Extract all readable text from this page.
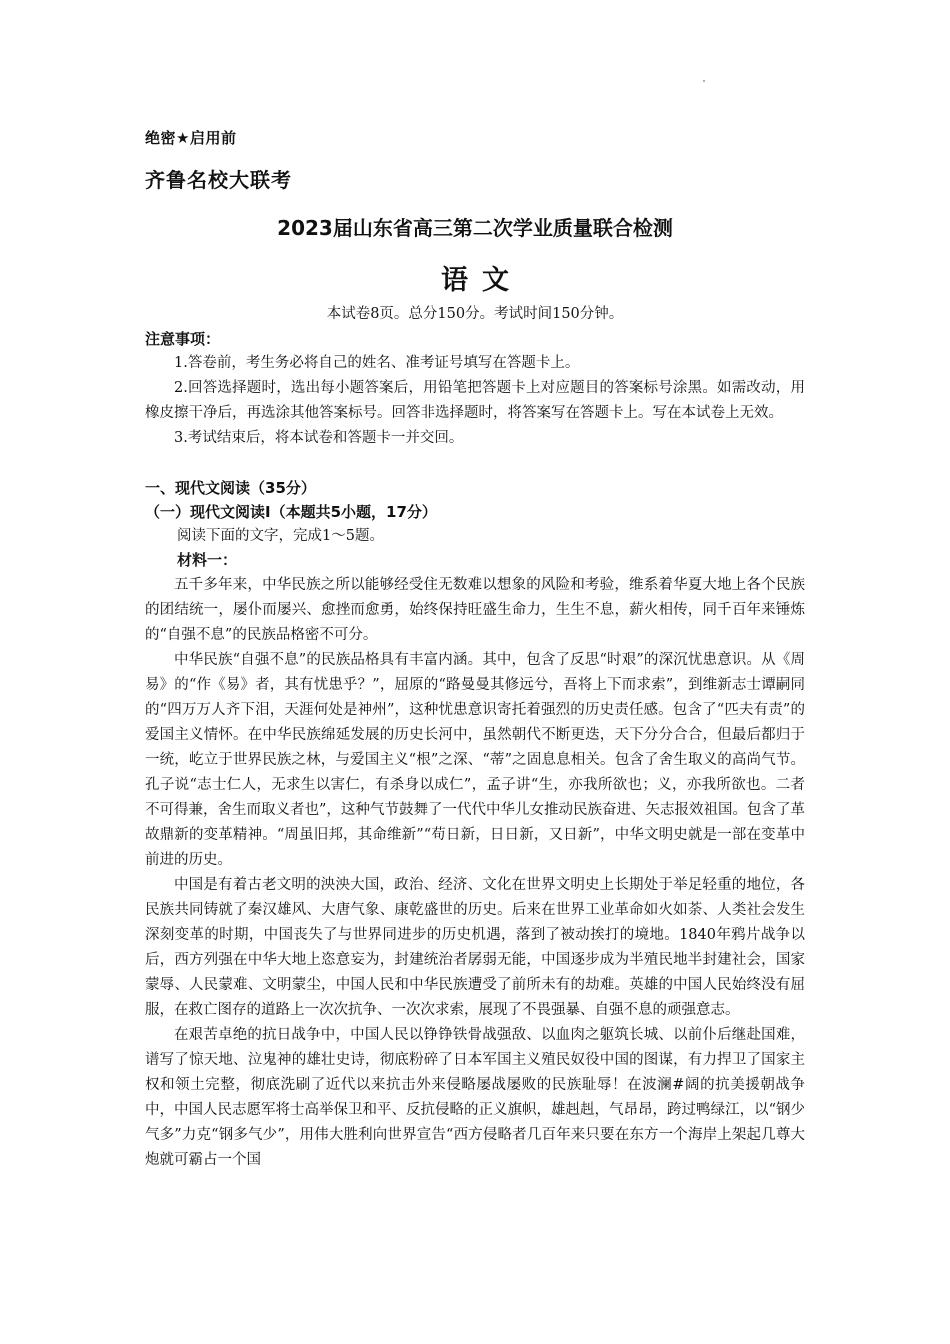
绝密★启用前
齐鲁名校大联考
2023届山东省高三第二次学业质量联合检测
语文
本试卷8页。总分150分。考试时间150分钟。
注意事项：

1.答卷前，考生务必将自己的姓名、准考证号填写在答题卡上。

2.回答选择题时，选出每小题答案后，用铅笔把答题卡上对应题目的答案标号涂黑。如需改动，用橡皮擦干净后，再选涂其他答案标号。回答非选择题时，将答案写在答题卡上。写在本试卷上无效。

3.考试结束后，将本试卷和答题卡一并交回。

一、现代文阅读（35分）
（一）现代文阅读Ⅰ（本题共5小题，17分）
阅读下面的文字，完成1～5题。
材料一：

五千多年来，中华民族之所以能够经受住无数难以想象的风险和考验，维系着华夏大地上各个民族的团结统一，屡仆而屡兴、愈挫而愈勇，始终保持旺盛生命力，生生不息，薪火相传，同千百年来锤炼的“自强不息”的民族品格密不可分。

中华民族“自强不息”的民族品格具有丰富内涵。其中，包含了反思“时艰”的深沉忧患意识。从《周易》的“作《易》者，其有忧患乎？”，屈原的“路曼曼其修远兮，吾将上下而求索”，到维新志士谭嗣同的“四万万人齐下泪，天涯何处是神州”，这种忧患意识寄托着强烈的历史责任感。包含了“匹夫有责”的爱国主义情怀。在中华民族绵延发展的历史长河中，虽然朝代不断更迭，天下分分合合，但最后都归于一统，屹立于世界民族之林，与爱国主义“根”之深、“蒂”之固息息相关。包含了舍生取义的高尚气节。孔子说“志士仁人，无求生以害仁，有杀身以成仁”，孟子讲“生，亦我所欲也；义，亦我所欲也。二者不可得兼，舍生而取义者也”，这种气节鼓舞了一代代中华儿女推动民族奋进、矢志报效祖国。包含了革故鼎新的变革精神。“周虽旧邦，其命维新”“苟日新，日日新，又日新”，中华文明史就是一部在变革中前进的历史。

中国是有着古老文明的泱泱大国，政治、经济、文化在世界文明史上长期处于举足轻重的地位，各民族共同铸就了秦汉雄风、大唐气象、康乾盛世的历史。后来在世界工业革命如火如荼、人类社会发生深刻变革的时期，中国丧失了与世界同进步的历史机遇，落到了被动挨打的境地。1840年鸦片战争以后，西方列强在中华大地上恣意妄为，封建统治者孱弱无能，中国逐步成为半殖民地半封建社会，国家蒙辱、人民蒙难、文明蒙尘，中国人民和中华民族遭受了前所未有的劫难。英雄的中国人民始终没有屈服，在救亡图存的道路上一次次抗争、一次次求索，展现了不畏强暴、自强不息的顽强意志。

在艰苦卓绝的抗日战争中，中国人民以铮铮铁骨战强敌、以血肉之躯筑长城、以前仆后继赴国难，谱写了惊天地、泣鬼神的雄壮史诗，彻底粉碎了日本军国主义殖民奴役中国的图谋，有力捍卫了国家主权和领土完整，彻底洗刷了近代以来抗击外来侵略屡战屡败的民族耻辱！在波澜#阔的抗美援朝战争中，中国人民志愿军将士高举保卫和平、反抗侵略的正义旗帜，雄赳赳，气昂昂，跨过鸭绿江，以“钢少气多”力克“钢多气少”，用伟大胜利向世界宣告“西方侵略者几百年来只要在东方一个海岸上架起几尊大炮就可霸占一个国
